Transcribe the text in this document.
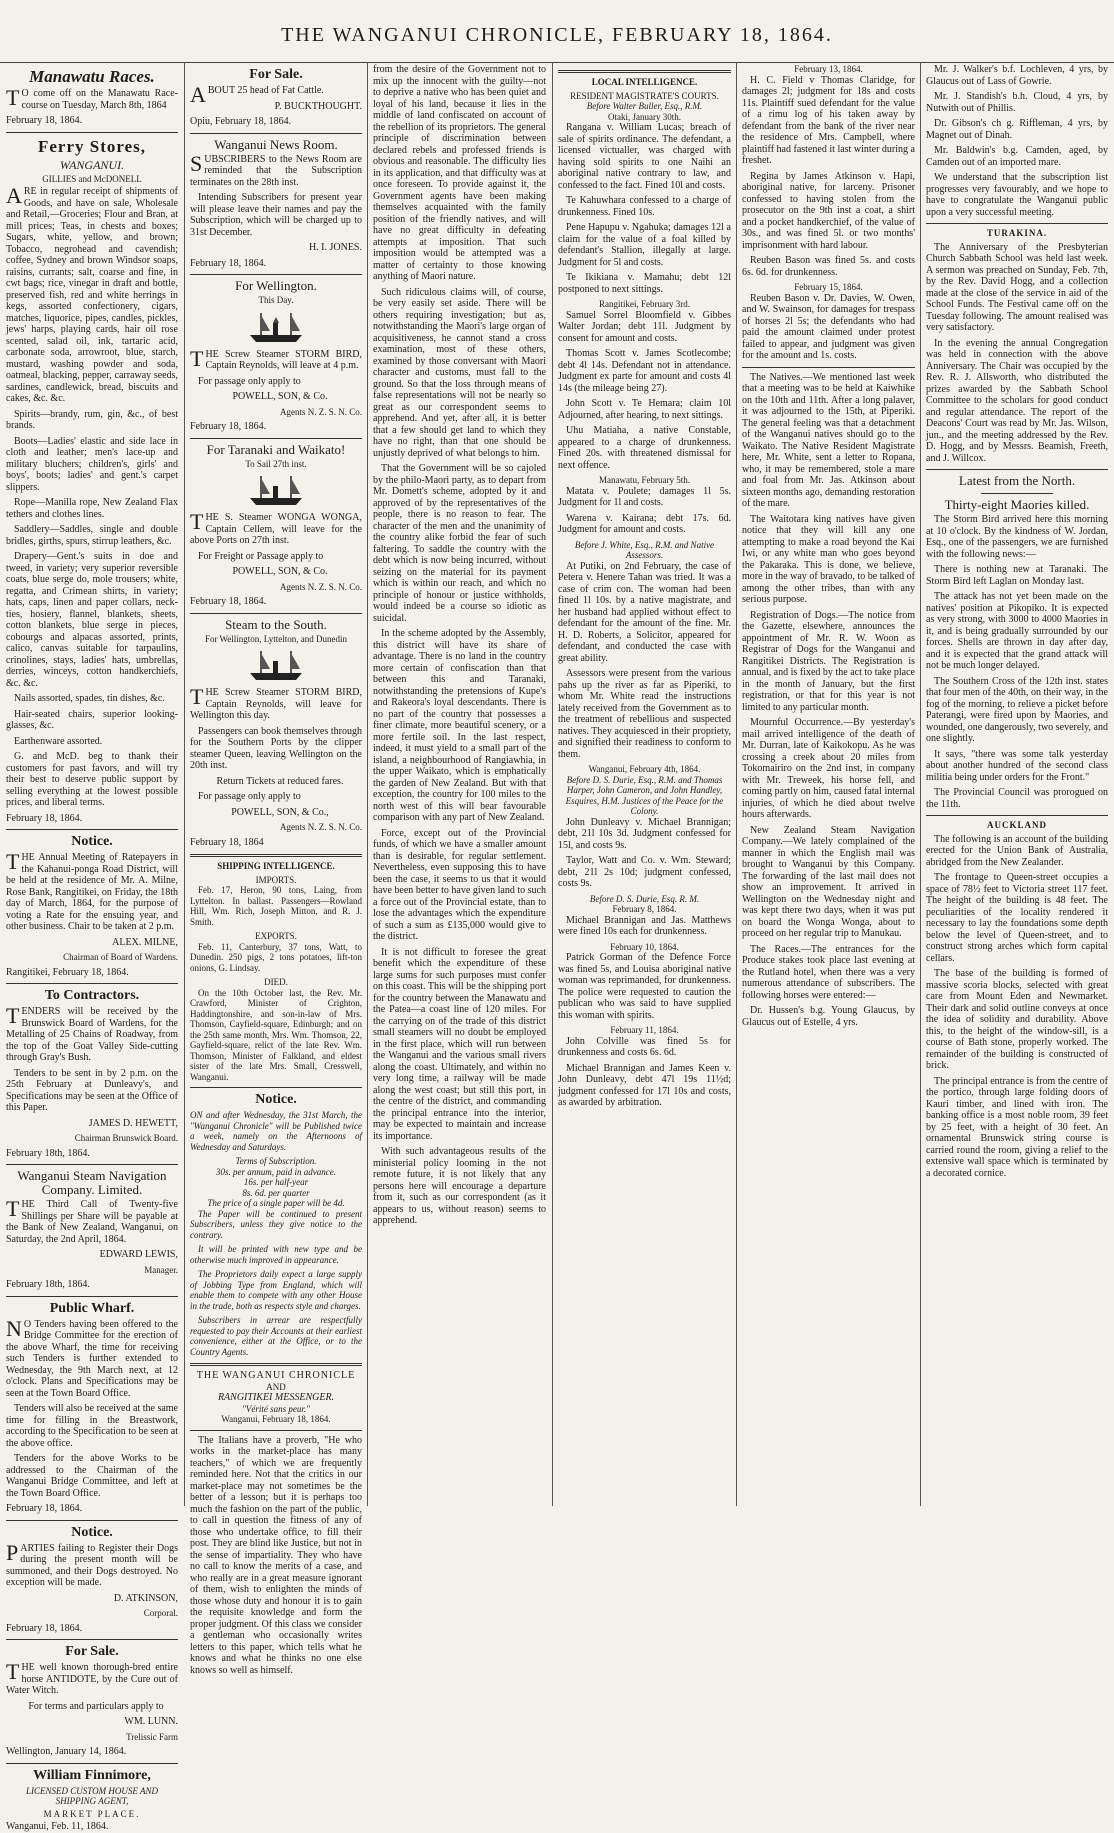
THE WANGANUI CHRONICLE, FEBRUARY 18, 1864.
Manawatu Races.

TO come off on the Manawatu Race-course on Tuesday, March 8th, 1864

February 18, 1864.

Ferry Stores,
WANGANUI.
GILLIES and McDONELL

ARE in regular receipt of shipments of Goods, and have on sale, Wholesale and Retail,—Groceries; Flour and Bran, at mill prices; Teas, in chests and boxes; Sugars, white, yellow, and brown; Tobacco, negrohead and cavendish; coffee, Sydney and brown Windsor soaps, raisins, currants; salt, coarse and fine, in cwt bags; rice, vinegar in draft and bottle, preserved fish, red and white herrings in kegs, assorted confectionery, cigars, matches, liquorice, pipes, candles, pickles, jews' harps, playing cards, hair oil rose scented, salad oil, ink, tartaric acid, carbonate soda, arrowroot, blue, starch, mustard, washing powder and soda, oatmeal, blacking, pepper, carraway seeds, sardines, candlewick, bread, biscuits and cakes, &c. &c.

Spirits—brandy, rum, gin, &c., of best brands.

Boots—Ladies' elastic and side lace in cloth and leather; men's lace-up and military bluchers; children's, girls' and boys', boots; ladies' and gent.'s carpet slippers.

Rope—Manilla rope, New Zealand Flax tethers and clothes lines.

Saddlery—Saddles, single and double bridles, girths, spurs, stirrup leathers, &c.

Drapery—Gent.'s suits in doe and tweed, in variety; very superior reversible coats, blue serge do, mole trousers; white, regatta, and Crimean shirts, in variety; hats, caps, linen and paper collars, neck-ties, hosiery, flannel, blankets, sheets, cotton blankets, blue serge in pieces, cobourgs and alpacas assorted, prints, calico, canvas suitable for tarpaulins, crinolines, stays, ladies' hats, umbrellas, derries, winceys, cotton handkerchiefs, &c. &c.

Nails assorted, spades, tin dishes, &c.

Hair-seated chairs, superior looking-glasses, &c.

Earthenware assorted.

G. and McD. beg to thank their customers for past favors, and will try their best to deserve public support by selling everything at the lowest possible prices, and liberal terms.

February 18, 1864.

Notice.

THE Annual Meeting of Ratepayers in the Kahanui-ponga Road District, will be held at the residence of Mr. A. Milne, Rose Bank, Rangitikei, on Friday, the 18th day of March, 1864, for the purpose of voting a Rate for the ensuing year, and other business. Chair to be taken at 2 p.m.

ALEX. MILNE,

Chairman of Board of Wardens.

Rangitikei, February 18, 1864.

To Contractors.

TENDERS will be received by the Brunswick Board of Wardens, for the Metalling of 25 Chains of Roadway, from the top of the Goat Valley Side-cutting through Gray's Bush.

Tenders to be sent in by 2 p.m. on the 25th February at Dunleavy's, and Specifications may be seen at the Office of this Paper.

JAMES D. HEWETT,

Chairman Brunswick Board.

February 18th, 1864.

Wanganui Steam Navigation Company. Limited.

THE Third Call of Twenty-five Shillings per Share will be payable at the Bank of New Zealand, Wanganui, on Saturday, the 2nd April, 1864.

EDWARD LEWIS,

Manager.

February 18th, 1864.

Public Wharf.

NO Tenders having been offered to the Bridge Committee for the erection of the above Wharf, the time for receiving such Tenders is further extended to Wednesday, the 9th March next, at 12 o'clock. Plans and Specifications may be seen at the Town Board Office.

Tenders will also be received at the same time for filling in the Breastwork, according to the Specification to be seen at the above office.

Tenders for the above Works to be addressed to the Chairman of the Wanganui Bridge Committee, and left at the Town Board Office.

February 18, 1864.

Notice.

PARTIES failing to Register their Dogs during the present month will be summoned, and their Dogs destroyed. No exception will be made.

D. ATKINSON,

Corporal.

February 18, 1864.

For Sale.

THE well known thorough-bred entire horse ANTIDOTE, by the Cure out of Water Witch.

For terms and particulars apply to

WM. LUNN.

Trelissic Farm

Wellington, January 14, 1864.

William Finnimore,
LICENSED CUSTOM HOUSE AND SHIPPING AGENT,
MARKET PLACE.

Wanganui, Feb. 11, 1864.

For Sale.

ABOUT 25 head of Fat Cattle.

P. BUCKTHOUGHT.

Opiu, February 18, 1864.

Wanganui News Room.

SUBSCRIBERS to the News Room are reminded that the Subscription terminates on the 28th inst.

Intending Subscribers for present year will please leave their names and pay the Subscription, which will be charged up to 31st December.

H. I. JONES.

February 18, 1864.

For Wellington.
This Day.

THE Screw Steamer STORM BIRD, Captain Reynolds, will leave at 4 p.m.

For passage only apply to

POWELL, SON, & Co.

Agents N. Z. S. N. Co.

February 18, 1864.

For Taranaki and Waikato!
To Sail 27th inst.

THE S. Steamer WONGA WONGA, Captain Cellem, will leave for the above Ports on 27th inst.

For Freight or Passage apply to

POWELL, SON, & Co.

Agents N. Z. S. N. Co.

February 18, 1864.

Steam to the South.
For Wellington, Lyttelton, and Dunedin

THE Screw Steamer STORM BIRD, Captain Reynolds, will leave for Wellington this day.

Passengers can book themselves through for the Southern Ports by the clipper steamer Queen, leaving Wellington on the 20th inst.

Return Tickets at reduced fares.

For passage only apply to

POWELL, SON, & Co.,

Agents N. Z. S. N. Co.

February 18, 1864

SHIPPING INTELLIGENCE.
IMPORTS.

Feb. 17, Heron, 90 tons, Laing, from Lyttelton. In ballast. Passengers—Rowland Hill, Wm. Rich, Joseph Mitton, and R. J. Smith.

EXPORTS.

Feb. 11, Canterbury, 37 tons, Watt, to Dunedin. 250 pigs, 2 tons potatoes, lift-ton onions, G. Lindsay.

DIED.

On the 10th October last, the Rev. Mr. Crawford, Minister of Crighton, Haddingtonshire, and son-in-law of Mrs. Thomson, Cayfield-square, Edinburgh; and on the 25th same month, Mrs. Wm. Thomson, 22, Gayfield-square, relict of the late Rev. Wm. Thomson, Minister of Falkland, and eldest sister of the late Mrs. Small, Cresswell, Wanganui.

Notice.

ON and after Wednesday, the 31st March, the "Wanganui Chronicle" will be Published twice a week, namely on the Afternoons of Wednesday and Saturdays.

Terms of Subscription.
30s. per annum, paid in advance.
16s. per half-year
8s. 6d. per quarter
The price of a single paper will be 4d.

The Paper will be continued to present Subscribers, unless they give notice to the contrary.

It will be printed with new type and be otherwise much improved in appearance.

The Proprietors daily expect a large supply of Jobbing Type from England, which will enable them to compete with any other House in the trade, both as respects style and charges.

Subscribers in arrear are respectfully requested to pay their Accounts at their earliest convenience, either at the Office, or to the Country Agents.

THE WANGANUI CHRONICLE
AND
RANGITIKEI MESSENGER.
"Vérité sans peur."
Wanganui, February 18, 1864.

The Italians have a proverb, "He who works in the market-place has many teachers," of which we are frequently reminded here. Not that the critics in our market-place may not sometimes be the better of a lesson; but it is perhaps too much the fashion on the part of the public, to call in question the fitness of any of those who undertake office, to fill their post. They are blind like Justice, but not in the sense of impartiality. They who have no call to know the merits of a case, and who really are in a great measure ignorant of them, wish to enlighten the minds of those whose duty and honour it is to gain the requisite knowledge and form the proper judgment. Of this class we consider a gentleman who occasionally writes letters to this paper, which tells what he knows and what he thinks no one else knows so well as himself.

from the desire of the Government not to mix up the innocent with the guilty—not to deprive a native who has been quiet and loyal of his land, because it lies in the middle of land confiscated on account of the rebellion of its proprietors. The general principle of discrimination between declared rebels and professed friends is obvious and reasonable. The difficulty lies in its application, and that difficulty was at once foreseen. To provide against it, the Government agents have been making themselves acquainted with the family position of the friendly natives, and will have no great difficulty in defeating attempts at imposition. That such imposition would be attempted was a matter of certainty to those knowing anything of Maori nature.

Such ridiculous claims will, of course, be very easily set aside. There will be others requiring investigation; but as, notwithstanding the Maori's large organ of acquisitiveness, he cannot stand a cross examination, most of these others, examined by those conversant with Maori character and customs, must fall to the ground. So that the loss through means of false representations will not be nearly so great as our correspondent seems to apprehend. And yet, after all, it is better that a few should get land to which they have no right, than that one should be unjustly deprived of what belongs to him.

That the Government will be so cajoled by the philo-Maori party, as to depart from Mr. Domett's scheme, adopted by it and approved of by the representatives of the people, there is no reason to fear. The character of the men and the unanimity of the country alike forbid the fear of such faltering. To saddle the country with the debt which is now being incurred, without seizing on the material for its payment which is within our reach, and which no principle of honour or justice withholds, would indeed be a course so idiotic as suicidal.

In the scheme adopted by the Assembly, this district will have its share of advantage. There is no land in the country more certain of confiscation than that between this and Taranaki, notwithstanding the pretensions of Kupe's and Rakeora's loyal descendants. There is no part of the country that possesses a finer climate, more beautiful scenery, or a more fertile soil. In the last respect, indeed, it must yield to a small part of the island, a neighbourhood of Rangiawhia, in the upper Waikato, which is emphatically the garden of New Zealand. But with that exception, the country for 100 miles to the north west of this will bear favourable comparison with any part of New Zealand.

Force, except out of the Provincial funds, of which we have a smaller amount than is desirable, for regular settlement. Nevertheless, even supposing this to have been the case, it seems to us that it would have been better to have given land to such a force out of the Provincial estate, than to lose the advantages which the expenditure of such a sum as £135,000 would give to the district.

It is not difficult to foresee the great benefit which the expenditure of these large sums for such purposes must confer on this coast. This will be the shipping port for the country between the Manawatu and the Patea—a coast line of 120 miles. For the carrying on of the trade of this district small steamers will no doubt be employed in the first place, which will run between the Wanganui and the various small rivers along the coast. Ultimately, and within no very long time, a railway will be made along the west coast; but still this port, in the centre of the district, and commanding the principal entrance into the interior, may be expected to maintain and increase its importance.

With such advantageous results of the ministerial policy looming in the not remote future, it is not likely that any persons here will encourage a departure from it, such as our correspondent (as it appears to us, without reason) seems to apprehend.

LOCAL INTELLIGENCE.
RESIDENT MAGISTRATE'S COURTS.
Before Walter Buller, Esq., R.M.
Otaki, January 30th.

Rangana v. William Lucas; breach of sale of spirits ordinance. The defendant, a licensed victualler, was charged with having sold spirits to one Naihi an aboriginal native contrary to law, and confessed to the fact. Fined 10l and costs.

Te Kahuwhara confessed to a charge of drunkenness. Fined 10s.

Pene Hapupu v. Ngahuka; damages 12l a claim for the value of a foal killed by defendant's Stallion, illegally at large. Judgment for 5l and costs.

Te Ikikiana v. Mamahu; debt 12l postponed to next sittings.

Rangitikei, February 3rd.

Samuel Sorrel Bloomfield v. Gibbes Walter Jordan; debt 11l. Judgment by consent for amount and costs.

Thomas Scott v. James Scotlecombe; debt 4l 14s. Defendant not in attendance. Judgment ex parte for amount and costs 4l 14s (the mileage being 27).

John Scott v. Te Hemara; claim 10l Adjourned, after hearing, to next sittings.

Uhu Matiaha, a native Constable, appeared to a charge of drunkenness. Fined 20s. with threatened dismissal for next offence.

Manawatu, February 5th.

Matata v. Poulete; damages 1l 5s. Judgment for 1l and costs.

Warena v. Kairana; debt 17s. 6d. Judgment for amount and costs.

Before J. White, Esq., R.M. and Native Assessors.

At Putiki, on 2nd February, the case of Petera v. Henere Tahan was tried. It was a case of crim con. The woman had been fined 1l 10s. by a native magistrate, and her husband had applied without effect to defendant for the amount of the fine. Mr. H. D. Roberts, a Solicitor, appeared for defendant, and conducted the case with great ability.

Assessors were present from the various pahs up the river as far as Piperiki, to whom Mr. White read the instructions lately received from the Government as to the treatment of rebellious and suspected natives. They acquiesced in their propriety, and signified their readiness to conform to them.

Wanganui, February 4th, 1864.
Before D. S. Durie, Esq., R.M. and Thomas Harper, John Cameron, and John Handley, Esquires, H.M. Justices of the Peace for the Colony.

John Dunleavy v. Michael Brannigan; debt, 21l 10s 3d. Judgment confessed for 15l, and costs 9s.

Taylor, Watt and Co. v. Wm. Steward; debt, 21l 2s 10d; judgment confessed, costs 9s.

Before D. S. Durie, Esq. R. M.
February 8, 1864.

Michael Brannigan and Jas. Matthews were fined 10s each for drunkenness.

February 10, 1864.

Patrick Gorman of the Defence Force was fined 5s, and Louisa aboriginal native woman was reprimanded, for drunkenness. The police were requested to caution the publican who was said to have supplied this woman with spirits.

February 11, 1864.

John Colville was fined 5s for drunkenness and costs 6s. 6d.

Michael Brannigan and James Keen v. John Dunleavy, debt 47l 19s 11½d; judgment confessed for 17l 10s and costs, as awarded by arbitration.

February 13, 1864.

H. C. Field v Thomas Claridge, for damages 2l; judgment for 18s and costs 11s. Plaintiff sued defendant for the value of a rimu log of his taken away by defendant from the bank of the river near the residence of Mrs. Campbell, where plaintiff had fastened it last winter during a freshet.

Regina by James Atkinson v. Hapi, aboriginal native, for larceny. Prisoner confessed to having stolen from the prosecutor on the 9th inst a coat, a shirt and a pocket handkerchief, of the value of 30s., and was fined 5l. or two months' imprisonment with hard labour.

Reuben Bason was fined 5s. and costs 6s. 6d. for drunkenness.

February 15, 1864.

Reuben Bason v. Dr. Davies, W. Owen, and W. Swainson, for damages for trespass of horses 2l 5s; the defendants who had paid the amount claimed under protest failed to appear, and judgment was given for the amount and 1s. costs.

The Natives.—We mentioned last week that a meeting was to be held at Kaiwhike on the 10th and 11th. After a long palaver, it was adjourned to the 15th, at Piperiki. The general feeling was that a detachment of the Wanganui natives should go to the Waikato. The Native Resident Magistrate here, Mr. White, sent a letter to Ropana, who, it may be remembered, stole a mare and foal from Mr. Jas. Atkinson about sixteen months ago, demanding restoration of the mare.

The Waitotara king natives have given notice that they will kill any one attempting to make a road beyond the Kai Iwi, or any white man who goes beyond the Pakaraka. This is done, we believe, more in the way of bravado, to be talked of among the other tribes, than with any serious purpose.

Registration of Dogs.—The notice from the Gazette, elsewhere, announces the appointment of Mr. R. W. Woon as Registrar of Dogs for the Wanganui and Rangitikei Districts. The Registration is annual, and is fixed by the act to take place in the month of January, but the first registration, or that for this year is not limited to any particular month.

Mournful Occurrence.—By yesterday's mail arrived intelligence of the death of Mr. Durran, late of Kaikokopu. As he was crossing a creek about 20 miles from Tokomairiro on the 2nd inst, in company with Mr. Treweek, his horse fell, and coming partly on him, caused fatal internal injuries, of which he died about twelve hours afterwards.

New Zealand Steam Navigation Company.—We lately complained of the manner in which the English mail was brought to Wanganui by this Company. The forwarding of the last mail does not show an improvement. It arrived in Wellington on the Wednesday night and was kept there two days, when it was put on board the Wonga Wonga, about to proceed on her regular trip to Manukau.

The Races.—The entrances for the Produce stakes took place last evening at the Rutland hotel, when there was a very numerous attendance of subscribers. The following horses were entered:—

Dr. Hussen's b.g. Young Glaucus, by Glaucus out of Estelle, 4 yrs.

Mr. J. Walker's b.f. Lochleven, 4 yrs, by Glaucus out of Lass of Gowrie.

Mr. J. Standish's b.h. Cloud, 4 yrs, by Nutwith out of Phillis.

Dr. Gibson's ch g. Riffleman, 4 yrs, by Magnet out of Dinah.

Mr. Baldwin's b.g. Camden, aged, by Camden out of an imported mare.

We understand that the subscription list progresses very favourably, and we hope to have to congratulate the Wanganui public upon a very successful meeting.

TURAKINA.

The Anniversary of the Presbyterian Church Sabbath School was held last week. A sermon was preached on Sunday, Feb. 7th, by the Rev. David Hogg, and a collection made at the close of the service in aid of the School Funds. The Festival came off on the Tuesday following. The amount realised was very satisfactory.

In the evening the annual Congregation was held in connection with the above Anniversary. The Chair was occupied by the Rev. R. J. Allsworth, who distributed the prizes awarded by the Sabbath School Committee to the scholars for good conduct and regular attendance. The report of the Deacons' Court was read by Mr. Jas. Wilson, jun., and the meeting addressed by the Rev. D. Hogg, and by Messrs. Beamish, Freeth, and J. Willcox.

Latest from the North.
Thirty-eight Maories killed.

The Storm Bird arrived here this morning at 10 o'clock. By the kindness of W. Jordan, Esq., one of the passengers, we are furnished with the following news:—

There is nothing new at Taranaki. The Storm Bird left Laglan on Monday last.

The attack has not yet been made on the natives' position at Pikopiko. It is expected as very strong, with 3000 to 4000 Maories in it, and is being gradually surrounded by our forces. Shells are thrown in day after day, and it is expected that the grand attack will not be much longer delayed.

The Southern Cross of the 12th inst. states that four men of the 40th, on their way, in the fog of the morning, to relieve a picket before Paterangi, were fired upon by Maories, and wounded, one dangerously, two severely, and one slightly.

It says, "there was some talk yesterday about another hundred of the second class militia being under orders for the Front."

The Provincial Council was prorogued on the 11th.

AUCKLAND

The following is an account of the building erected for the Union Bank of Australia, abridged from the New Zealander.

The frontage to Queen-street occupies a space of 78½ feet to Victoria street 117 feet. The height of the building is 48 feet. The peculiarities of the locality rendered it necessary to lay the foundations some depth below the level of Queen-street, and to construct strong arches which form capital cellars.

The base of the building is formed of massive scoria blocks, selected with great care from Mount Eden and Newmarket. Their dark and solid outline conveys at once the idea of solidity and durability. Above this, to the height of the window-sill, is a course of Bath stone, properly worked. The remainder of the building is constructed of brick.

The principal entrance is from the centre of the portico, through large folding doors of Kauri timber, and lined with iron. The banking office is a most noble room, 39 feet by 25 feet, with a height of 30 feet. An ornamental Brunswick string course is carried round the room, giving a relief to the extensive wall space which is terminated by a decorated cornice.
